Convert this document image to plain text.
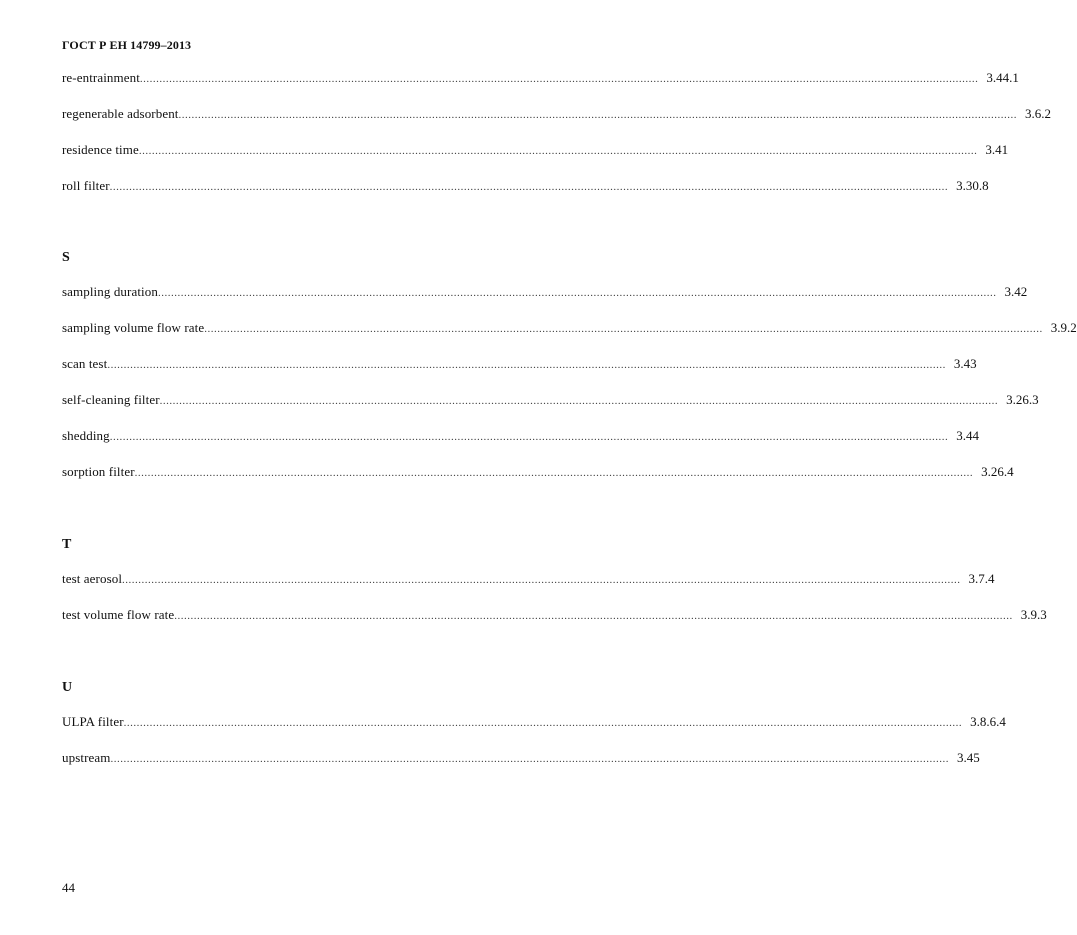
ГОСТ Р ЕН 14799–2013
re-entrainment .................................................................................................................................................................................................................................................................. 3.44.1
regenerable adsorbent .................................................................................................................................................................................................................................................................. 3.6.2
residence time .................................................................................................................................................................................................................................................................. 3.41
roll filter .................................................................................................................................................................................................................................................................. 3.30.8
S
sampling duration .................................................................................................................................................................................................................................................................. 3.42
sampling volume flow rate .................................................................................................................................................................................................................................................................. 3.9.2
scan test .................................................................................................................................................................................................................................................................. 3.43
self-cleaning filter .................................................................................................................................................................................................................................................................. 3.26.3
shedding .................................................................................................................................................................................................................................................................. 3.44
sorption filter .................................................................................................................................................................................................................................................................. 3.26.4
T
test aerosol .................................................................................................................................................................................................................................................................. 3.7.4
test volume flow rate .................................................................................................................................................................................................................................................................. 3.9.3
U
ULPA filter .................................................................................................................................................................................................................................................................. 3.8.6.4
upstream .................................................................................................................................................................................................................................................................. 3.45
44
